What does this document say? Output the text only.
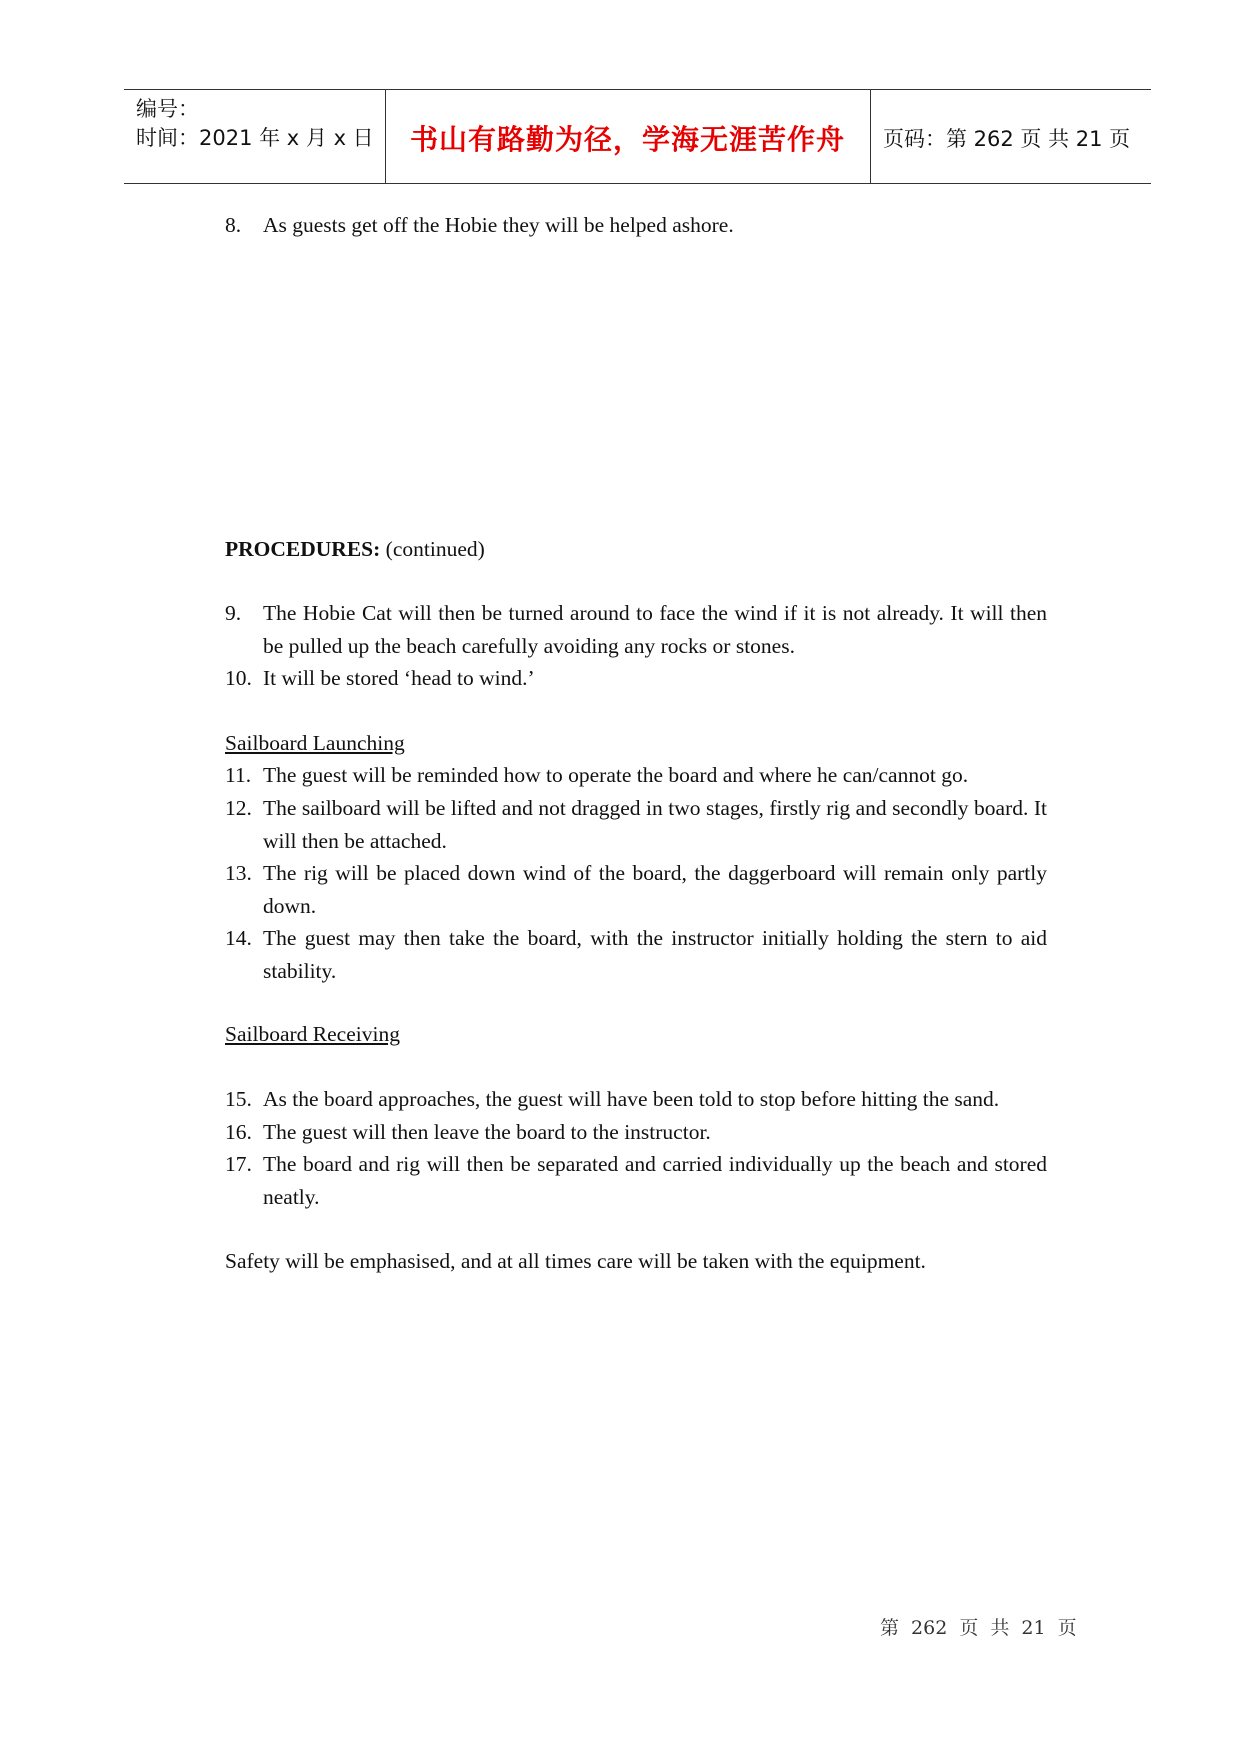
编号：
时间：2021 年 x 月 x 日	书山有路勤为径，学海无涯苦作舟	页码：第 262 页 共 21 页
8. As guests get off the Hobie they will be helped ashore.
PROCEDURES: (continued)
9. The Hobie Cat will then be turned around to face the wind if it is not already. It will then be pulled up the beach carefully avoiding any rocks or stones.
10. It will be stored ‘head to wind.’
Sailboard Launching
11. The guest will be reminded how to operate the board and where he can/cannot go.
12. The sailboard will be lifted and not dragged in two stages, firstly rig and secondly board. It will then be attached.
13. The rig will be placed down wind of the board, the daggerboard will remain only partly down.
14. The guest may then take the board, with the instructor initially holding the stern to aid stability.
Sailboard Receiving
15. As the board approaches, the guest will have been told to stop before hitting the sand.
16. The guest will then leave the board to the instructor.
17. The board and rig will then be separated and carried individually up the beach and stored neatly.
Safety will be emphasised, and at all times care will be taken with the equipment.
第 262 页 共 21 页
